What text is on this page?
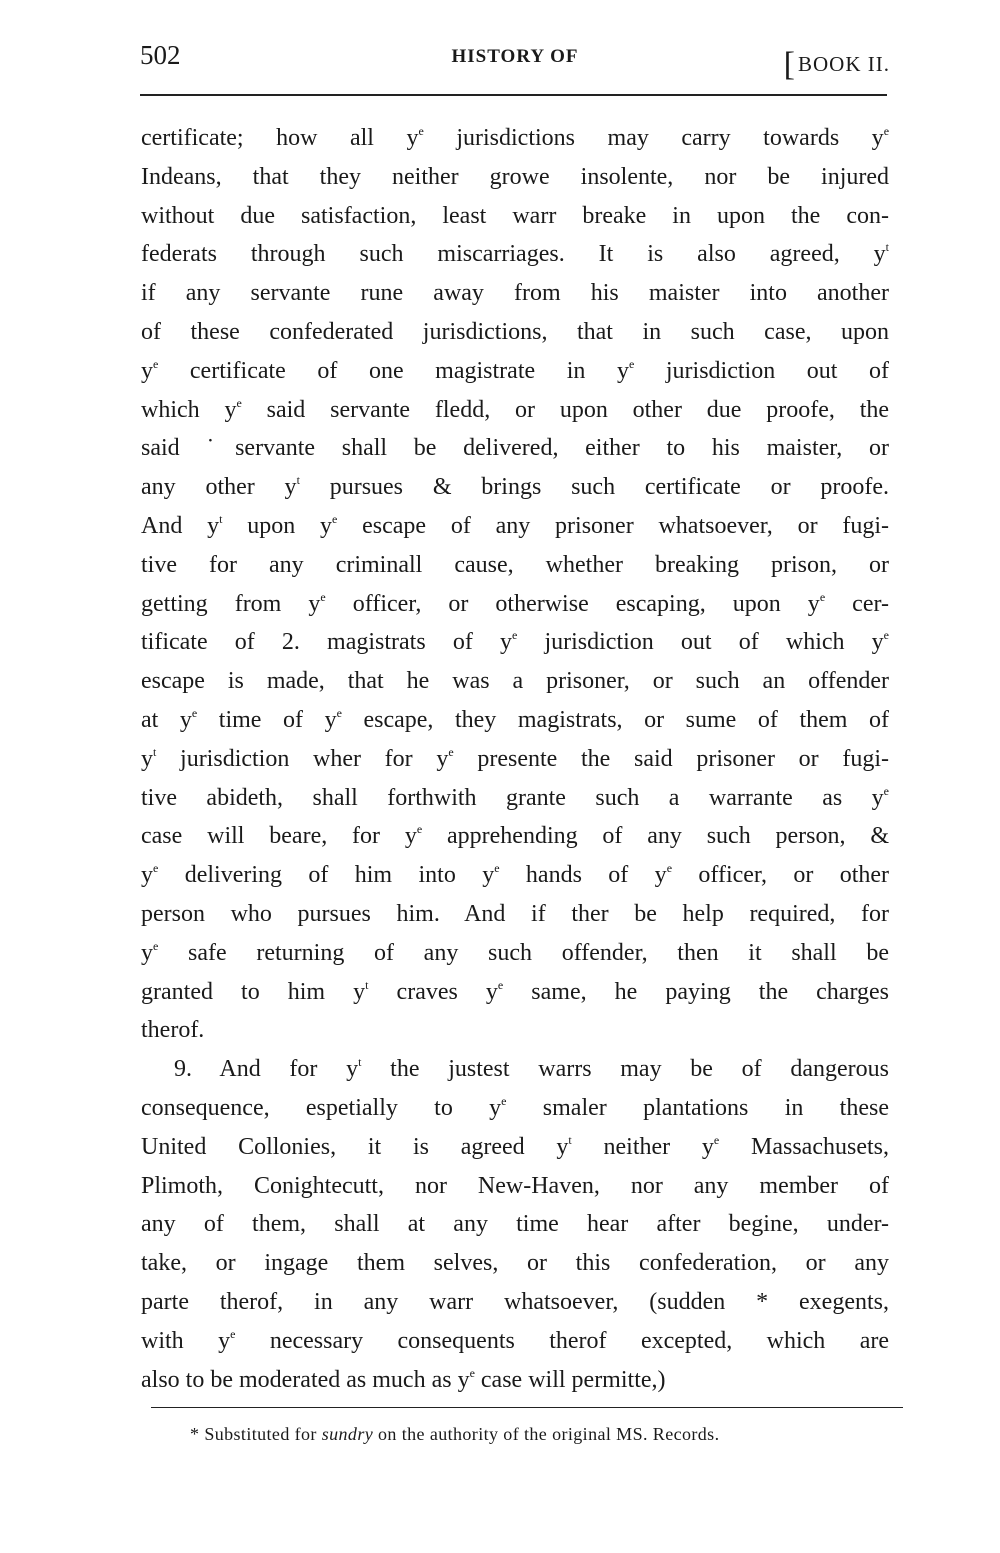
502	HISTORY OF	[BOOK II.
certificate; how all $y^e$ jurisdictions may carry towards $y^e$
Indeans, that they neither growe insolente, nor be injured
without due satisfaction, least warr breake in upon the con-
federats through such miscarriages. It is also agreed, $y^t$
if any servante rune away from his maister into another
of these confederated jurisdictions, that in such case, upon
$y^e$ certificate of one magistrate in $y^e$ jurisdiction out of
which $y^e$ said servante fledd, or upon other due proofe, the
said ˙servante shall be delivered, either to his maister, or
any other $y^t$ pursues & brings such certificate or proofe.
And $y^t$ upon $y^e$ escape of any prisoner whatsoever, or fugi-
tive for any criminall cause, whether breaking prison, or
getting from $y^e$ officer, or otherwise escaping, upon $y^e$ cer-
tificate of 2. magistrats of $y^e$ jurisdiction out of which $y^e$
escape is made, that he was a prisoner, or such an offender
at $y^e$ time of $y^e$ escape, they magistrats, or sume of them of
$y^t$ jurisdiction wher for $y^e$ presente the said prisoner or fugi-
tive abideth, shall forthwith grante such a warrante as $y^e$
case will beare, for $y^e$ apprehending of any such person, &
$y^e$ delivering of him into $y^e$ hands of $y^e$ officer, or other
person who pursues him. And if ther be help required, for
$y^e$ safe returning of any such offender, then it shall be
granted to him $y^t$ craves $y^e$ same, he paying the charges
therof.
9. And for $y^t$ the justest warrs may be of dangerous
consequence, espetially to $y^e$ smaler plantations in these
United Collonies, it is agreed $y^t$ neither $y^e$ Massachusets,
Plimoth, Conightecutt, nor New-Haven, nor any member of
any of them, shall at any time hear after begine, under-
take, or ingage them selves, or this confederation, or any
parte therof, in any warr whatsoever, (sudden * exegents,
with $y^e$ necessary consequents therof excepted, which are
also to be moderated as much as $y^e$ case will permitte,)
* Substituted for sundry on the authority of the original MS. Records.
